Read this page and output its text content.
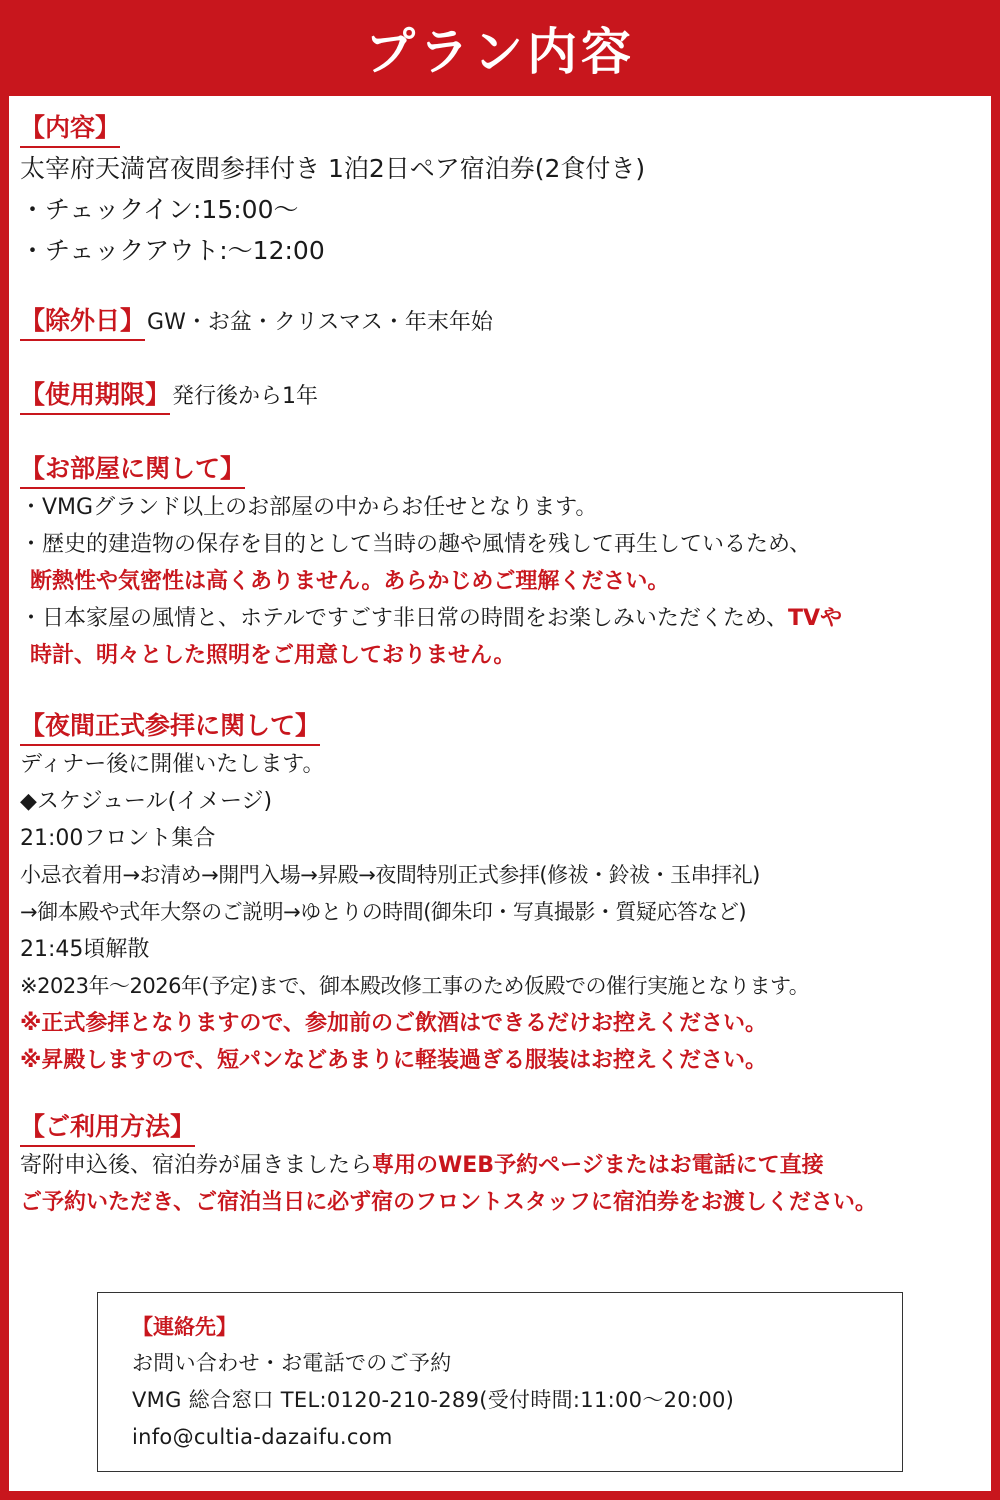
プラン内容
【内容】
太宰府天満宮夜間参拝付き 1泊2日ペア宿泊券(2食付き)
・チェックイン:15:00～
・チェックアウト:～12:00
【除外日】 GW・お盆・クリスマス・年末年始
【使用期限】 発行後から1年
【お部屋に関して】
・VMGグランド以上のお部屋の中からお任せとなります。
・歴史的建造物の保存を目的として当時の趣や風情を残して再生しているため、
断熱性や気密性は高くありません。あらかじめご理解ください。
・日本家屋の風情と、ホテルですごす非日常の時間をお楽しみいただくため、TVや
時計、明々とした照明をご用意しておりません。
【夜間正式参拝に関して】
ディナー後に開催いたします。
◆スケジュール(イメージ)
21:00フロント集合
小忌衣着用→お清め→開門入場→昇殿→夜間特別正式参拝(修祓・鈴祓・玉串拝礼)
→御本殿や式年大祭のご説明→ゆとりの時間(御朱印・写真撮影・質疑応答など)
21:45頃解散
※2023年～2026年(予定)まで、御本殿改修工事のため仮殿での催行実施となります。
※正式参拝となりますので、参加前のご飲酒はできるだけお控えください。
※昇殿しますので、短パンなどあまりに軽装過ぎる服装はお控えください。
【ご利用方法】
寄附申込後、宿泊券が届きましたら専用のWEB予約ページまたはお電話にて直接
ご予約いただき、ご宿泊当日に必ず宿のフロントスタッフに宿泊券をお渡しください。
【連絡先】
お問い合わせ・お電話でのご予約
VMG 総合窓口 TEL:0120-210-289(受付時間:11:00～20:00)
info@cultia-dazaifu.com
